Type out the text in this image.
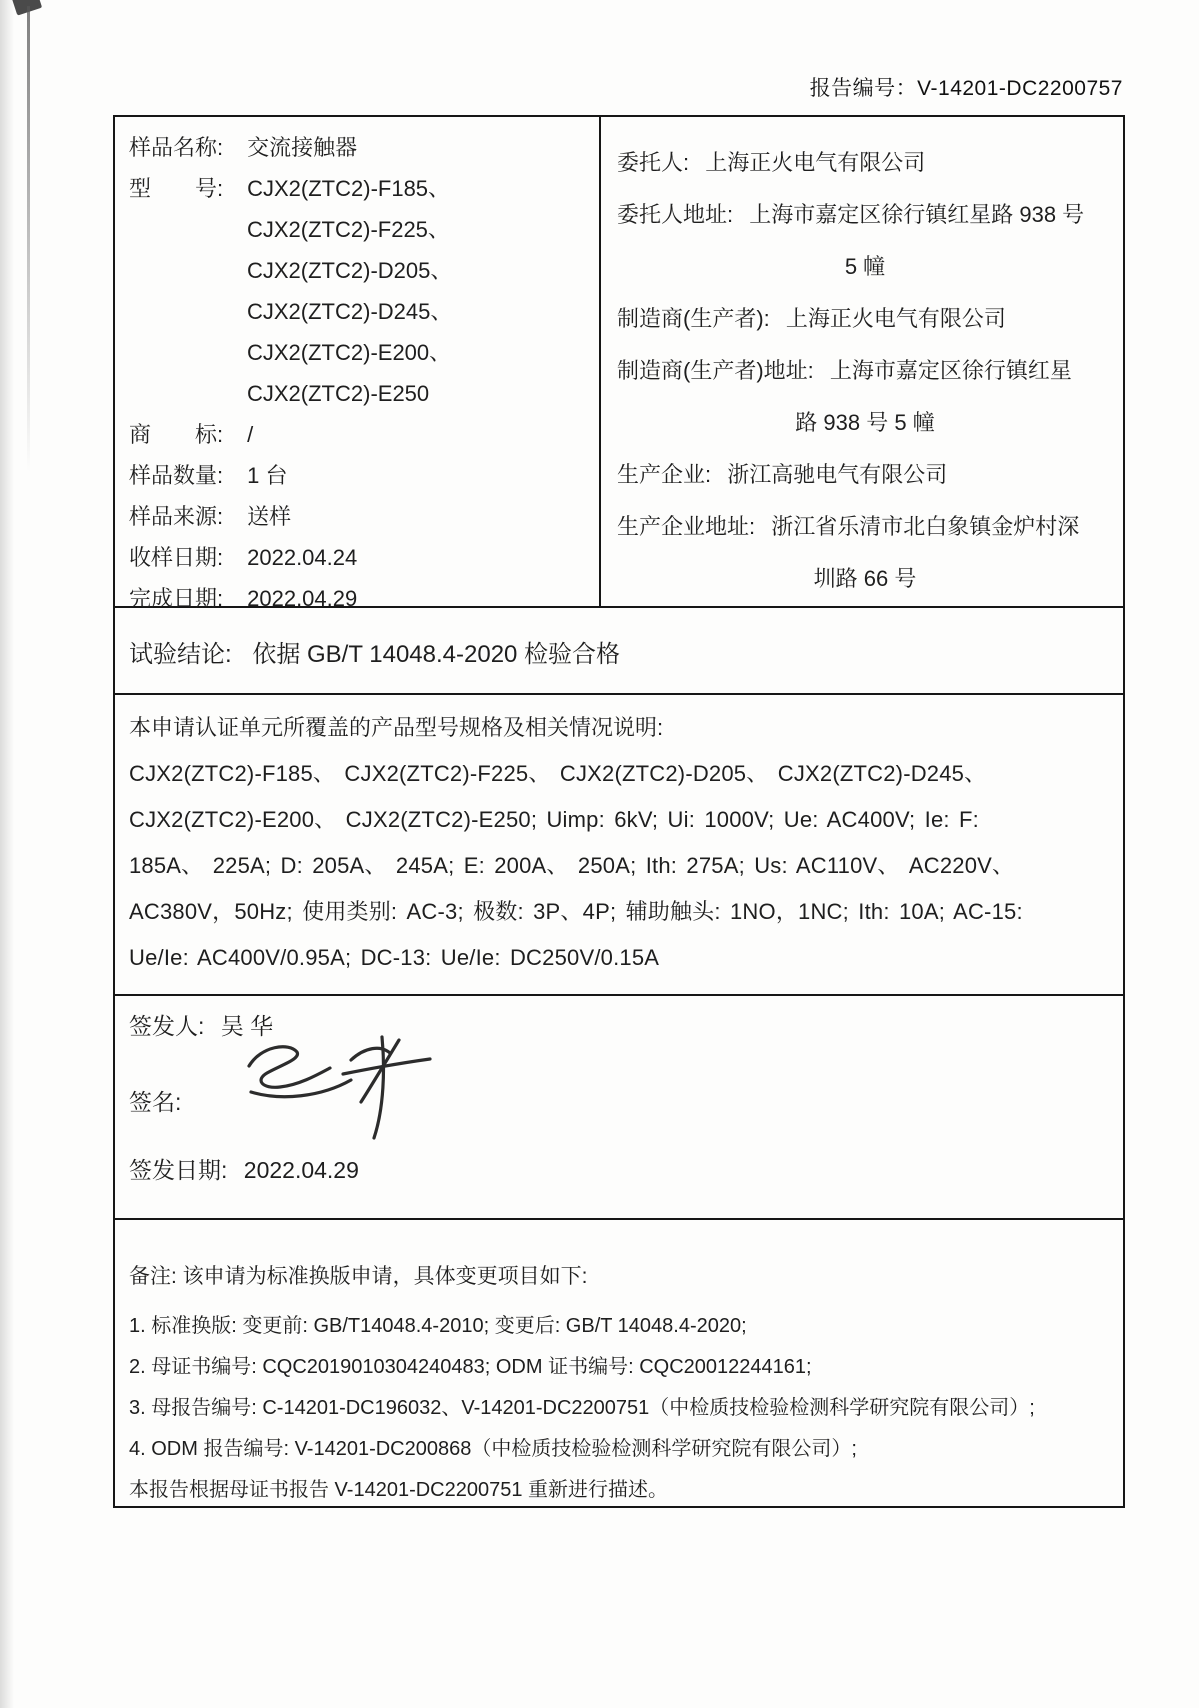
报告编号：V-14201-DC2200757
样品名称: 交流接触器
型　　号: CJX2(ZTC2)-F185、
CJX2(ZTC2)-F225、
CJX2(ZTC2)-D205、
CJX2(ZTC2)-D245、
CJX2(ZTC2)-E200、
CJX2(ZTC2)-E250
商　　标: /
样品数量: 1 台
样品来源: 送样
收样日期: 2022.04.24
完成日期: 2022.04.29
委托人: 上海正火电气有限公司
委托人地址: 上海市嘉定区徐行镇红星路 938 号
5 幢
制造商(生产者): 上海正火电气有限公司
制造商(生产者)地址: 上海市嘉定区徐行镇红星
路 938 号 5 幢
生产企业: 浙江高驰电气有限公司
生产企业地址: 浙江省乐清市北白象镇金炉村深
圳路 66 号
试验结论: 依据 GB/T 14048.4-2020 检验合格
本申请认证单元所覆盖的产品型号规格及相关情况说明:
CJX2(ZTC2)-F185、 CJX2(ZTC2)-F225、 CJX2(ZTC2)-D205、 CJX2(ZTC2)-D245、
CJX2(ZTC2)-E200、 CJX2(ZTC2)-E250; Uimp: 6kV; Ui: 1000V; Ue: AC400V; Ie: F:
185A、 225A; D: 205A、 245A; E: 200A、 250A; Ith: 275A; Us: AC110V、 AC220V、
AC380V，50Hz; 使用类别: AC-3; 极数: 3P、4P; 辅助触头: 1NO，1NC; Ith: 10A; AC-15:
Ue/Ie: AC400V/0.95A; DC-13: Ue/Ie: DC250V/0.15A
签发人: 吴 华
签名:
签发日期: 2022.04.29
备注: 该申请为标准换版申请，具体变更项目如下:
1. 标准换版: 变更前: GB/T14048.4-2010; 变更后: GB/T 14048.4-2020;
2. 母证书编号: CQC2019010304240483; ODM 证书编号: CQC20012244161;
3. 母报告编号: C-14201-DC196032、V-14201-DC2200751（中检质技检验检测科学研究院有限公司）;
4. ODM 报告编号: V-14201-DC200868（中检质技检验检测科学研究院有限公司）;
本报告根据母证书报告 V-14201-DC2200751 重新进行描述。
